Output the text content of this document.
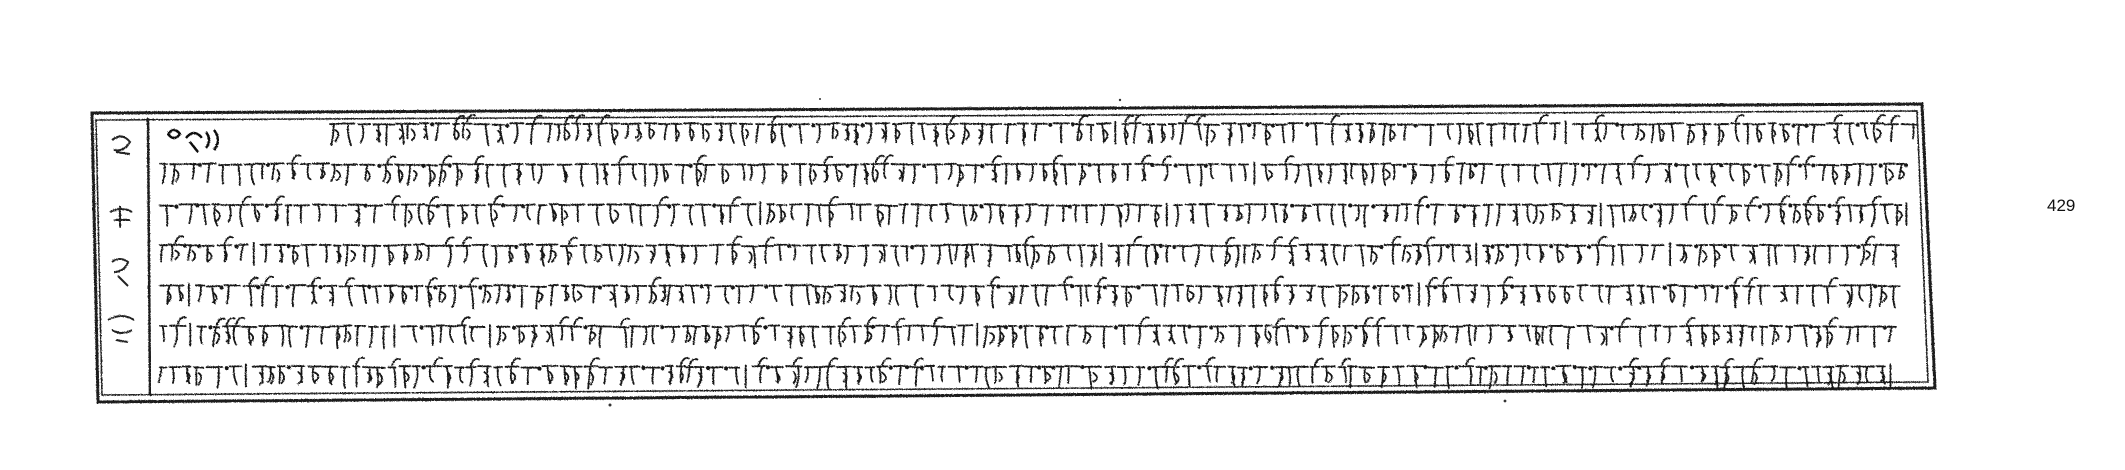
429
